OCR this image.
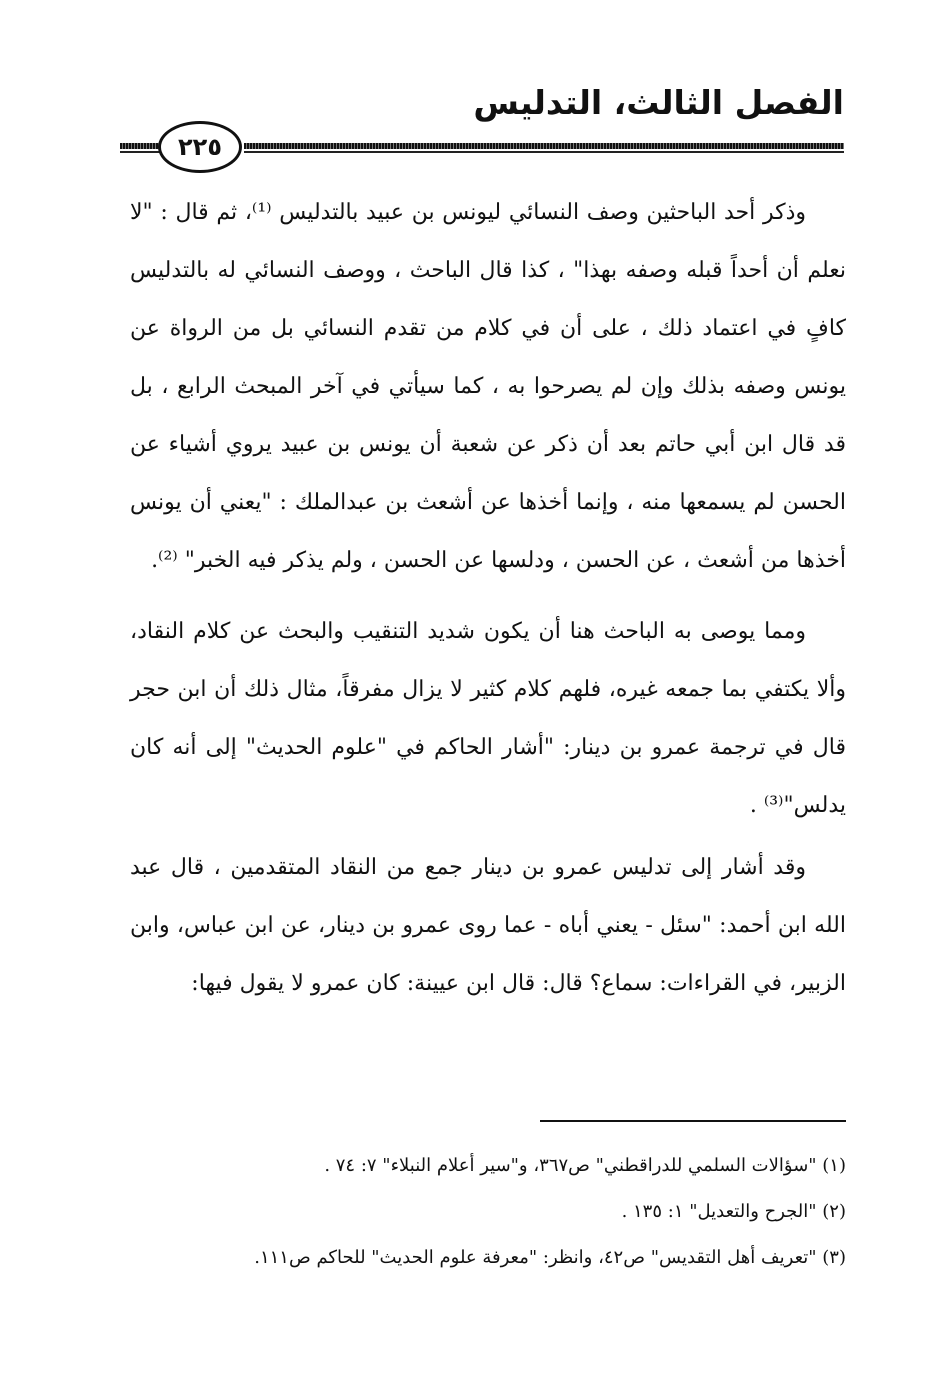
الفصل الثالث، التدليس
٢٢٥

وذكر أحد الباحثين وصف النسائي ليونس بن عبيد بالتدليس ⁽¹⁾، ثم قال : "لا نعلم أن أحداً قبله وصفه بهذا" ، كذا قال الباحث ، ووصف النسائي له بالتدليس كافٍ في اعتماد ذلك ، على أن في كلام من تقدم النسائي بل من الرواة عن يونس وصفه بذلك وإن لم يصرحوا به ، كما سيأتي في آخر المبحث الرابع ، بل قد قال ابن أبي حاتم بعد أن ذكر عن شعبة أن يونس بن عبيد يروي أشياء عن الحسن لم يسمعها منه ، وإنما أخذها عن أشعث بن عبدالملك : "يعني أن يونس أخذها من أشعث ، عن الحسن ، ودلسها عن الحسن ، ولم يذكر فيه الخبر" ⁽²⁾.

ومما يوصى به الباحث هنا أن يكون شديد التنقيب والبحث عن كلام النقاد، وألا يكتفي بما جمعه غيره، فلهم كلام كثير لا يزال مفرقاً، مثال ذلك أن ابن حجر قال في ترجمة عمرو بن دينار: "أشار الحاكم في "علوم الحديث" إلى أنه كان يدلس"⁽³⁾ .

وقد أشار إلى تدليس عمرو بن دينار جمع من النقاد المتقدمين ، قال عبد الله ابن أحمد: "سئل - يعني أباه - عما روى عمرو بن دينار، عن ابن عباس، وابن الزبير، في القراءات: سماع؟ قال: قال ابن عيينة: كان عمرو لا يقول فيها:

(١) "سؤالات السلمي للدراقطني" ص٣٦٧، و"سير أعلام النبلاء" ٧: ٧٤ .

(٢) "الجرح والتعديل" ١: ١٣٥ .

(٣) "تعريف أهل التقديس" ص٤٢، وانظر: "معرفة علوم الحديث" للحاكم ص١١١.
